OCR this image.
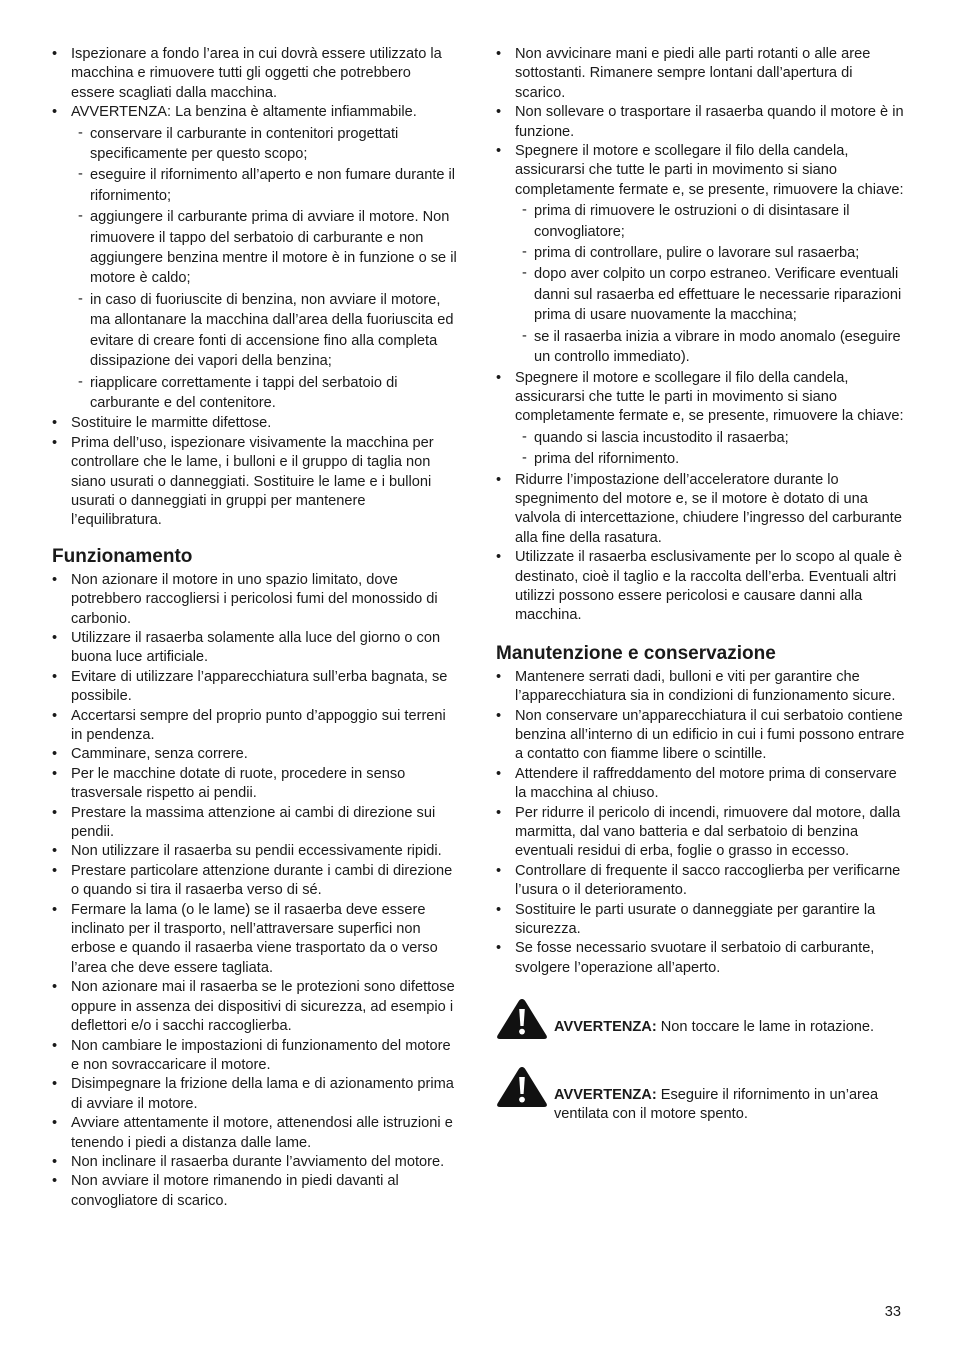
• Ispezionare a fondo l’area in cui dovrà essere utilizzato la macchina e rimuovere tutti gli oggetti che potrebbero essere scagliati dalla macchina.
• AVVERTENZA: La benzina è altamente infiammabile.
- conservare il carburante in contenitori progettati specificamente per questo scopo;
- eseguire il rifornimento all’aperto e non fumare durante il rifornimento;
- aggiungere il carburante prima di avviare il motore. Non rimuovere il tappo del serbatoio di carburante e non aggiungere benzina mentre il motore è in funzione o se il motore è caldo;
- in caso di fuoriuscite di benzina, non avviare il motore, ma allontanare la macchina dall’area della fuoriuscita ed evitare di creare fonti di accensione fino alla completa dissipazione dei vapori della benzina;
- riapplicare correttamente i tappi del serbatoio di carburante e del contenitore.
• Sostituire le marmitte difettose.
• Prima dell’uso, ispezionare visivamente la macchina per controllare che le lame, i bulloni e il gruppo di taglia non siano usurati o danneggiati. Sostituire le lame e i bulloni usurati o danneggiati in gruppi per mantenere l’equilibratura.
Funzionamento
• Non azionare il motore in uno spazio limitato, dove potrebbero raccogliersi i pericolosi fumi del monossido di carbonio.
• Utilizzare il rasaerba solamente alla luce del giorno o con buona luce artificiale.
• Evitare di utilizzare l’apparecchiatura sull’erba bagnata, se possibile.
• Accertarsi sempre del proprio punto d’appoggio sui terreni in pendenza.
• Camminare, senza correre.
• Per le macchine dotate di ruote, procedere in senso trasversale rispetto ai pendii.
• Prestare la massima attenzione ai cambi di direzione sui pendii.
• Non utilizzare il rasaerba su pendii eccessivamente ripidi.
• Prestare particolare attenzione durante i cambi di direzione o quando si tira il rasaerba verso di sé.
• Fermare la lama (o le lame) se il rasaerba deve essere inclinato per il trasporto, nell’attraversare superfici non erbose e quando il rasaerba viene trasportato da o verso l’area che deve essere tagliata.
• Non azionare mai il rasaerba se le protezioni sono difettose oppure in assenza dei dispositivi di sicurezza, ad esempio i deflettori e/o i sacchi raccoglierba.
• Non cambiare le impostazioni di funzionamento del motore e non sovraccaricare il motore.
• Disimpegnare la frizione della lama e di azionamento prima di avviare il motore.
• Avviare attentamente il motore, attenendosi alle istruzioni e tenendo i piedi a distanza dalle lame.
• Non inclinare il rasaerba durante l’avviamento del motore.
• Non avviare il motore rimanendo in piedi davanti al convogliatore di scarico.
• Non avvicinare mani e piedi alle parti rotanti o alle aree sottostanti. Rimanere sempre lontani dall’apertura di scarico.
• Non sollevare o trasportare il rasaerba quando il motore è in funzione.
• Spegnere il motore e scollegare il filo della candela, assicurarsi che tutte le parti in movimento si siano completamente fermate e, se presente, rimuovere la chiave:
- prima di rimuovere le ostruzioni o di disintasare il convogliatore;
- prima di controllare, pulire o lavorare sul rasaerba;
- dopo aver colpito un corpo estraneo. Verificare eventuali danni sul rasaerba ed effettuare le necessarie riparazioni prima di usare nuovamente la macchina;
- se il rasaerba inizia a vibrare in modo anomalo (eseguire un controllo immediato).
• Spegnere il motore e scollegare il filo della candela, assicurarsi che tutte le parti in movimento si siano completamente fermate e, se presente, rimuovere la chiave:
- quando si lascia incustodito il rasaerba;
- prima del rifornimento.
• Ridurre l’impostazione dell’acceleratore durante lo spegnimento del motore e, se il motore è dotato di una valvola di intercettazione, chiudere l’ingresso del carburante alla fine della rasatura.
• Utilizzate il rasaerba esclusivamente per lo scopo al quale è destinato, cioè il taglio e la raccolta dell’erba. Eventuali altri utilizzi possono essere pericolosi e causare danni alla macchina.
Manutenzione e conservazione
• Mantenere serrati dadi, bulloni e viti per garantire che l’apparecchiatura sia in condizioni di funzionamento sicure.
• Non conservare un’apparecchiatura il cui serbatoio contiene benzina all’interno di un edificio in cui i fumi possono entrare a contatto con fiamme libere o scintille.
• Attendere il raffreddamento del motore prima di conservare la macchina al chiuso.
• Per ridurre il pericolo di incendi, rimuovere dal motore, dalla marmitta, dal vano batteria e dal serbatoio di benzina eventuali residui di erba, foglie o grasso in eccesso.
• Controllare di frequente il sacco raccoglierba per verificarne l’usura o il deterioramento.
• Sostituire le parti usurate o danneggiate per garantire la sicurezza.
• Se fosse necessario svuotare il serbatoio di carburante, svolgere l’operazione all’aperto.
AVVERTENZA: Non toccare le lame in rotazione.
AVVERTENZA: Eseguire il rifornimento in un’area ventilata con il motore spento.
33
